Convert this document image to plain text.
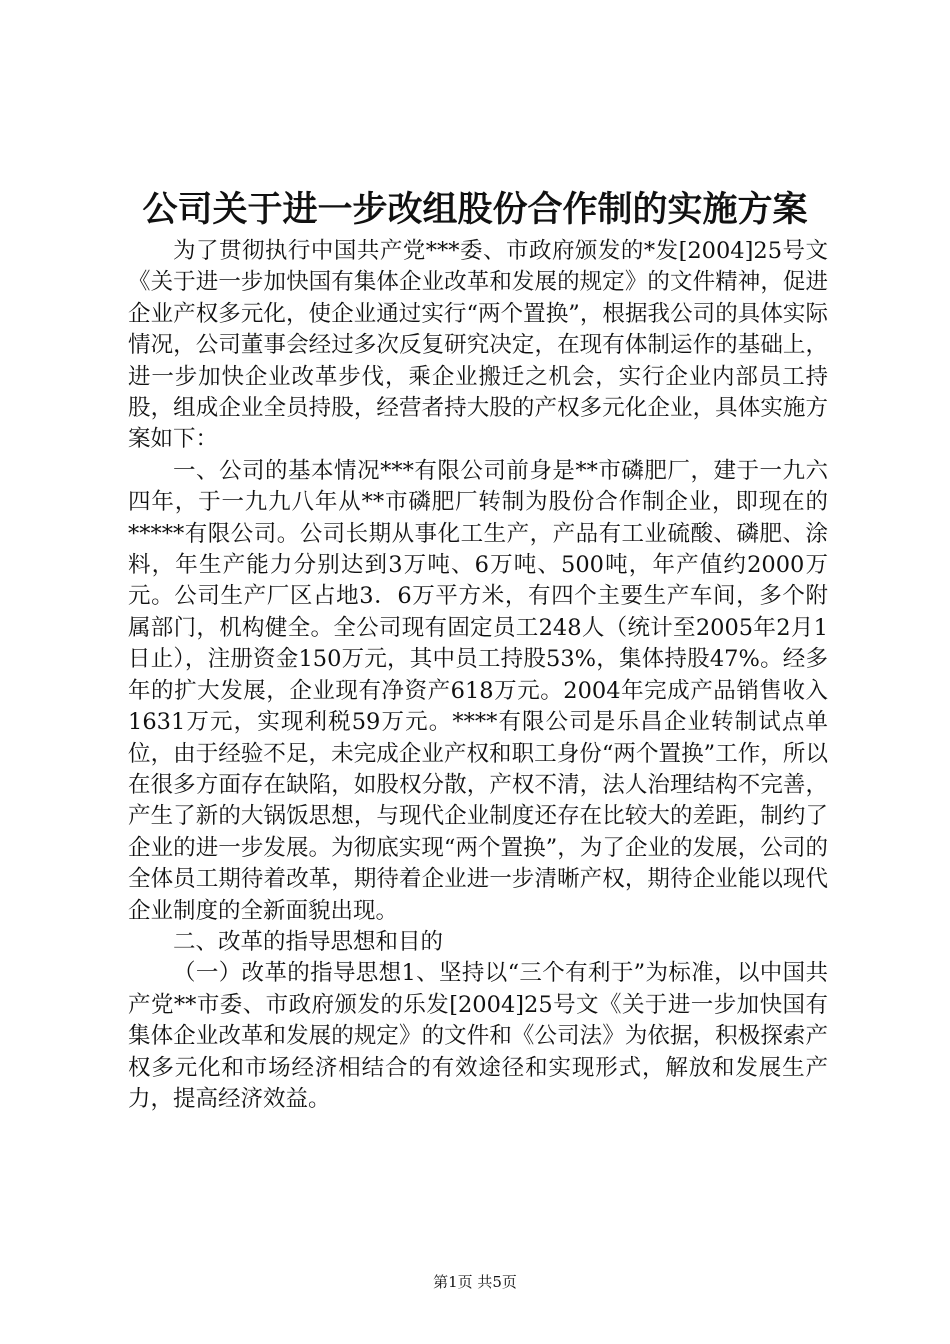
公司关于进一步改组股份合作制的实施方案

为了贯彻执行中国共产党***委、市政府颁发的*发[2004]25号文《关于进一步加快国有集体企业改革和发展的规定》的文件精神，促进企业产权多元化，使企业通过实行“两个置换”，根据我公司的具体实际情况，公司董事会经过多次反复研究决定，在现有体制运作的基础上，进一步加快企业改革步伐，乘企业搬迁之机会，实行企业内部员工持股，组成企业全员持股，经营者持大股的产权多元化企业，具体实施方案如下：

一、公司的基本情况***有限公司前身是**市磷肥厂，建于一九六四年，于一九九八年从**市磷肥厂转制为股份合作制企业，即现在的*****有限公司。公司长期从事化工生产，产品有工业硫酸、磷肥、涂料，年生产能力分别达到3万吨、6万吨、500吨，年产值约2000万元。公司生产厂区占地3．6万平方米，有四个主要生产车间，多个附属部门，机构健全。全公司现有固定员工248人（统计至2005年2月1日止），注册资金150万元，其中员工持股53%，集体持股47%。经多年的扩大发展，企业现有净资产618万元。2004年完成产品销售收入1631万元，实现利税59万元。****有限公司是乐昌企业转制试点单位，由于经验不足，未完成企业产权和职工身份“两个置换”工作，所以在很多方面存在缺陷，如股权分散，产权不清，法人治理结构不完善，产生了新的大锅饭思想，与现代企业制度还存在比较大的差距，制约了企业的进一步发展。为彻底实现“两个置换”，为了企业的发展，公司的全体员工期待着改革，期待着企业进一步清晰产权，期待企业能以现代企业制度的全新面貌出现。

二、改革的指导思想和目的

（一）改革的指导思想1、坚持以“三个有利于”为标准，以中国共产党**市委、市政府颁发的乐发[2004]25号文《关于进一步加快国有集体企业改革和发展的规定》的文件和《公司法》为依据，积极探索产权多元化和市场经济相结合的有效途径和实现形式，解放和发展生产力，提高经济效益。

第1页 共5页
